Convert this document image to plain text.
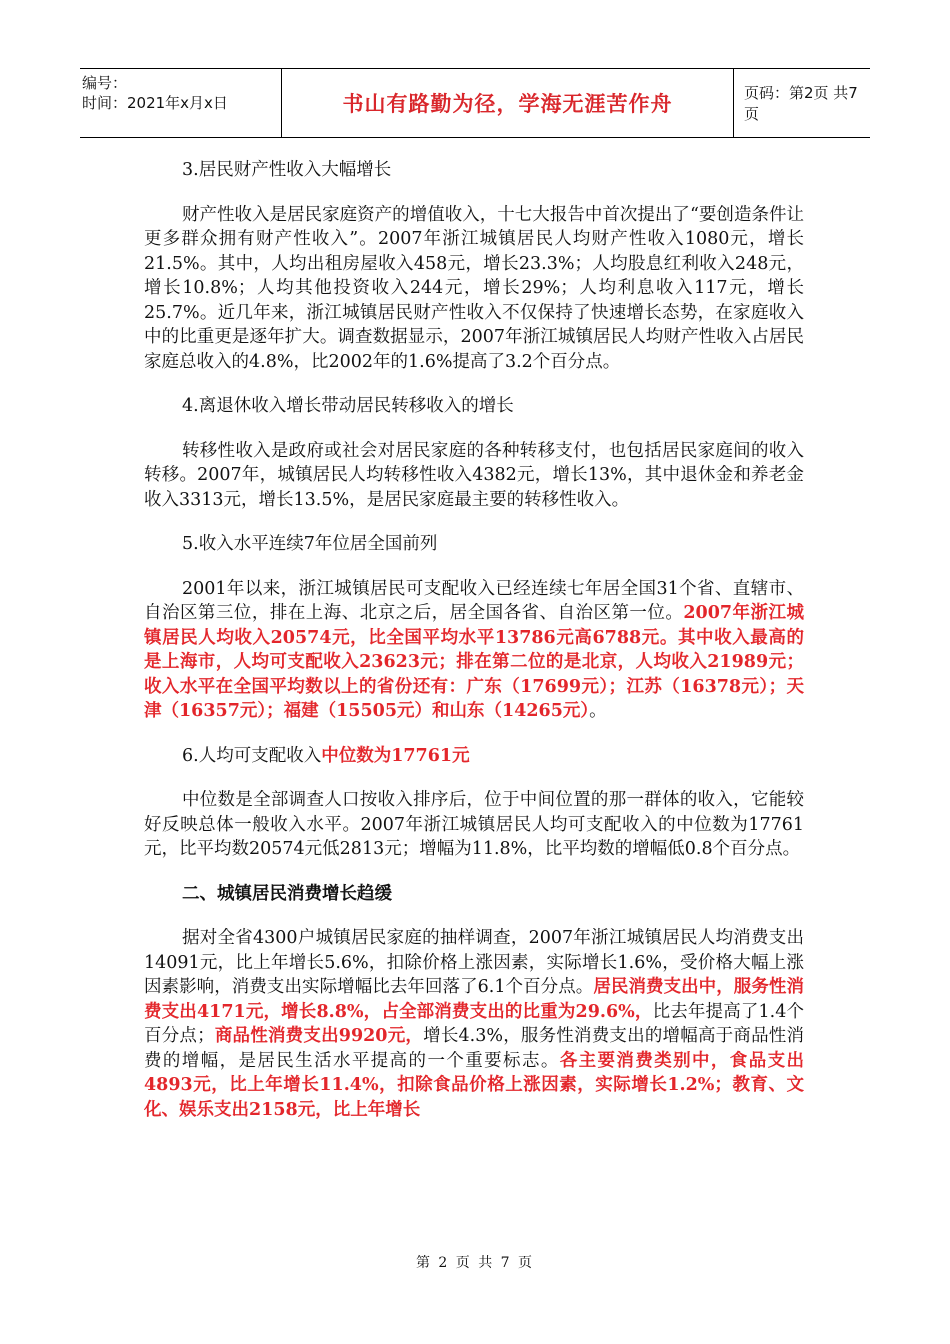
编号：
时间：2021年x月x日	书山有路勤为径，学海无涯苦作舟	页码：第2页 共7页
3.居民财产性收入大幅增长

财产性收入是居民家庭资产的增值收入，十七大报告中首次提出了“要创造条件让更多群众拥有财产性收入”。2007年浙江城镇居民人均财产性收入1080元，增长21.5%。其中，人均出租房屋收入458元，增长23.3%；人均股息红利收入248元，增长10.8%；人均其他投资收入244元，增长29%；人均利息收入117元，增长25.7%。近几年来，浙江城镇居民财产性收入不仅保持了快速增长态势，在家庭收入中的比重更是逐年扩大。调查数据显示，2007年浙江城镇居民人均财产性收入占居民家庭总收入的4.8%，比2002年的1.6%提高了3.2个百分点。

4.离退休收入增长带动居民转移收入的增长

转移性收入是政府或社会对居民家庭的各种转移支付，也包括居民家庭间的收入转移。2007年，城镇居民人均转移性收入4382元，增长13%，其中退休金和养老金收入3313元，增长13.5%，是居民家庭最主要的转移性收入。

5.收入水平连续7年位居全国前列

2001年以来，浙江城镇居民可支配收入已经连续七年居全国31个省、直辖市、自治区第三位，排在上海、北京之后，居全国各省、自治区第一位。2007年浙江城镇居民人均收入20574元，比全国平均水平13786元高6788元。其中收入最高的是上海市，人均可支配收入23623元；排在第二位的是北京，人均收入21989元；收入水平在全国平均数以上的省份还有：广东（17699元）；江苏（16378元）；天津（16357元）；福建（15505元）和山东（14265元）。

6.人均可支配收入中位数为17761元

中位数是全部调查人口按收入排序后，位于中间位置的那一群体的收入，它能较好反映总体一般收入水平。2007年浙江城镇居民人均可支配收入的中位数为17761元，比平均数20574元低2813元；增幅为11.8%，比平均数的增幅低0.8个百分点。

二、城镇居民消费增长趋缓

据对全省4300户城镇居民家庭的抽样调查，2007年浙江城镇居民人均消费支出14091元，比上年增长5.6%，扣除价格上涨因素，实际增长1.6%，受价格大幅上涨因素影响，消费支出实际增幅比去年回落了6.1个百分点。居民消费支出中，服务性消费支出4171元，增长8.8%，占全部消费支出的比重为29.6%，比去年提高了1.4个百分点；商品性消费支出9920元，增长4.3%，服务性消费支出的增幅高于商品性消费的增幅，是居民生活水平提高的一个重要标志。各主要消费类别中，食品支出4893元，比上年增长11.4%，扣除食品价格上涨因素，实际增长1.2%；教育、文化、娱乐支出2158元，比上年增长

第 2 页 共 7 页
